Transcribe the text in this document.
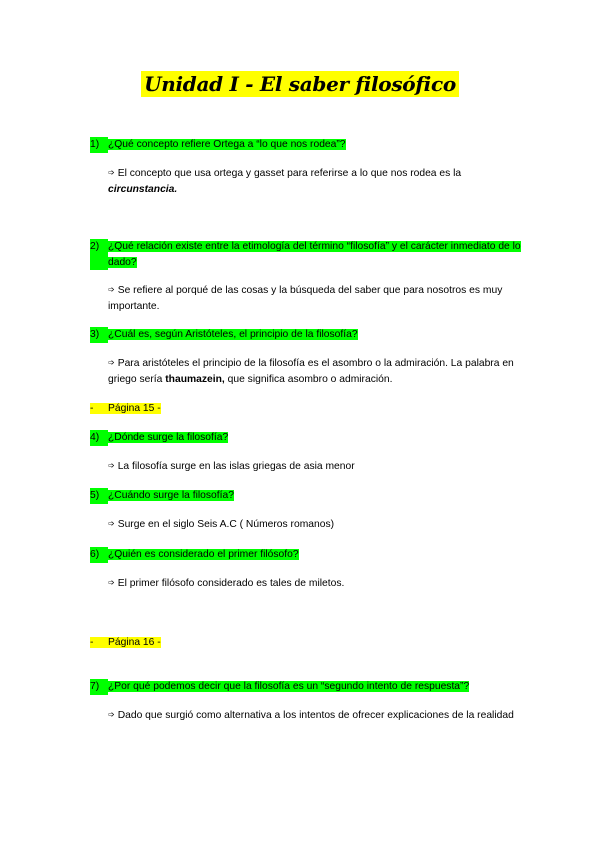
Unidad I - El saber filosófico
1) ¿Qué concepto refiere Ortega a “lo que nos rodea”?
➩ El concepto que usa ortega y gasset para referirse a lo que nos rodea es la circunstancia.
2) ¿Qué relación existe entre la etimología del término “filosofía” y el carácter inmediato de lo dado?
➩ Se refiere al porqué de las cosas y la búsqueda del saber que para nosotros es muy importante.
3) ¿Cuál es, según Aristóteles, el principio de la filosofía?
➩ Para aristóteles el principio de la filosofía es el asombro o la admiración. La palabra en griego sería thaumazein, que significa asombro o admiración.
- Página 15 -
4) ¿Dónde surge la filosofía?
➩ La filosofía surge en las islas griegas de asia menor
5) ¿Cuándo surge la filosofía?
➩ Surge en el siglo Seis A.C ( Números romanos)
6) ¿Quién es considerado el primer filósofo?
➩ El primer filósofo considerado es tales de miletos.
- Página 16 -
7) ¿Por qué podemos decir que la filosofía es un “segundo intento de respuesta”?
➩ Dado que surgió como alternativa a los intentos de ofrecer explicaciones de la realidad
